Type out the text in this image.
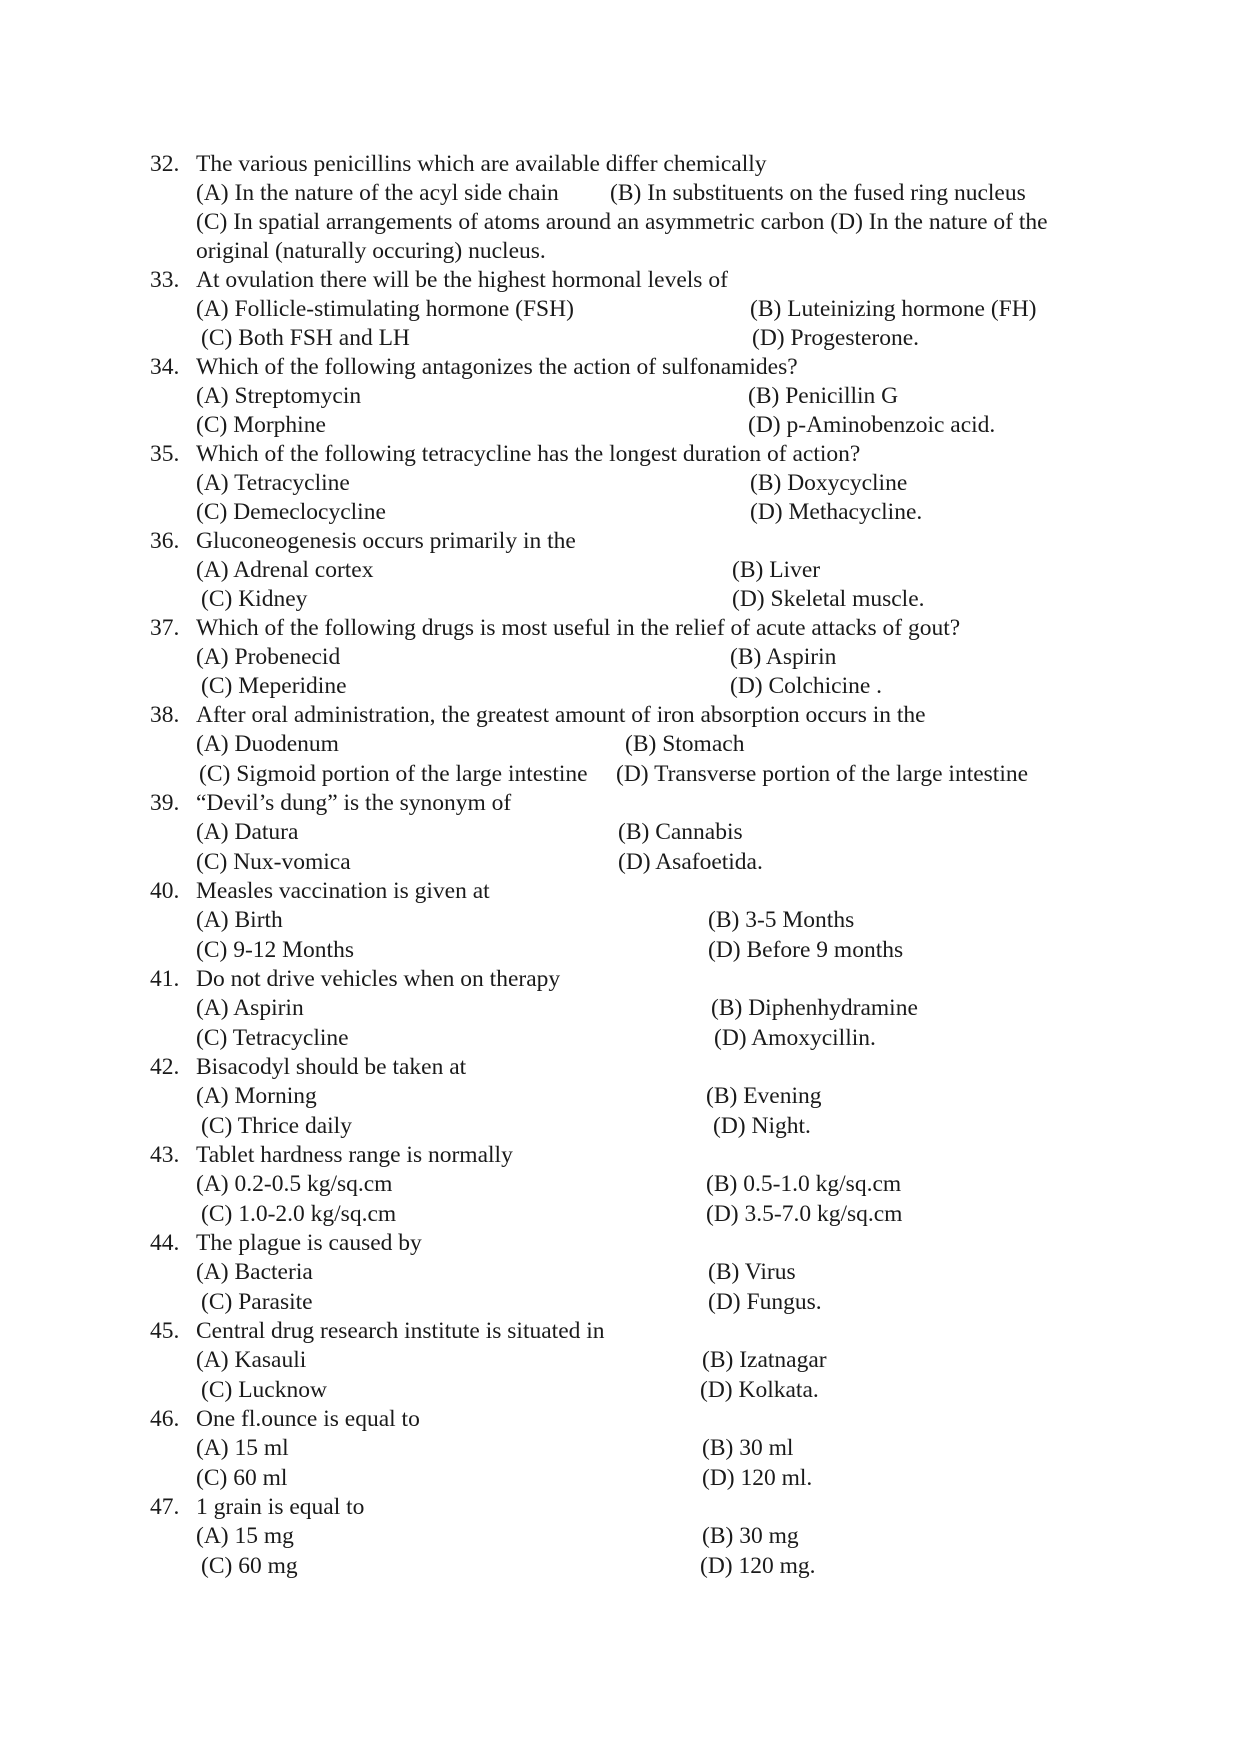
32. The various penicillins which are available differ chemically
(A) In the nature of the acyl side chain (B) In substituents on the fused ring nucleus
(C) In spatial arrangements of atoms around an asymmetric carbon (D) In the nature of the original (naturally occuring) nucleus.
33. At ovulation there will be the highest hormonal levels of
(A) Follicle-stimulating hormone (FSH)	(B) Luteinizing hormone (FH)
(C) Both FSH and LH	(D) Progesterone.
34. Which of the following antagonizes the action of sulfonamides?
(A) Streptomycin	(B) Penicillin G
(C) Morphine	(D) p-Aminobenzoic acid.
35. Which of the following tetracycline has the longest duration of action?
(A) Tetracycline	(B) Doxycycline
(C) Demeclocycline	(D) Methacycline.
36. Gluconeogenesis occurs primarily in the
(A) Adrenal cortex	(B) Liver
(C) Kidney	(D) Skeletal muscle.
37. Which of the following drugs is most useful in the relief of acute attacks of gout?
(A) Probenecid	(B) Aspirin
(C) Meperidine	(D) Colchicine .
38. After oral administration, the greatest amount of iron absorption occurs in the
(A) Duodenum	(B) Stomach
(C) Sigmoid portion of the large intestine (D) Transverse portion of the large intestine
39. “Devil’s dung” is the synonym of
(A) Datura	(B) Cannabis
(C) Nux-vomica	(D) Asafoetida.
40. Measles vaccination is given at
(A) Birth	(B) 3-5 Months
(C) 9-12 Months	(D) Before 9 months
41. Do not drive vehicles when on therapy
(A) Aspirin	(B) Diphenhydramine
(C) Tetracycline	(D) Amoxycillin.
42. Bisacodyl should be taken at
(A) Morning	(B) Evening
(C) Thrice daily	(D) Night.
43. Tablet hardness range is normally
(A) 0.2-0.5 kg/sq.cm	(B) 0.5-1.0 kg/sq.cm
(C) 1.0-2.0 kg/sq.cm	(D) 3.5-7.0 kg/sq.cm
44. The plague is caused by
(A) Bacteria	(B) Virus
(C) Parasite	(D) Fungus.
45. Central drug research institute is situated in
(A) Kasauli	(B) Izatnagar
(C) Lucknow	(D) Kolkata.
46. One fl.ounce is equal to
(A) 15 ml	(B) 30 ml
(C) 60 ml	(D) 120 ml.
47. 1 grain is equal to
(A) 15 mg	(B) 30 mg
(C) 60 mg	(D) 120 mg.
